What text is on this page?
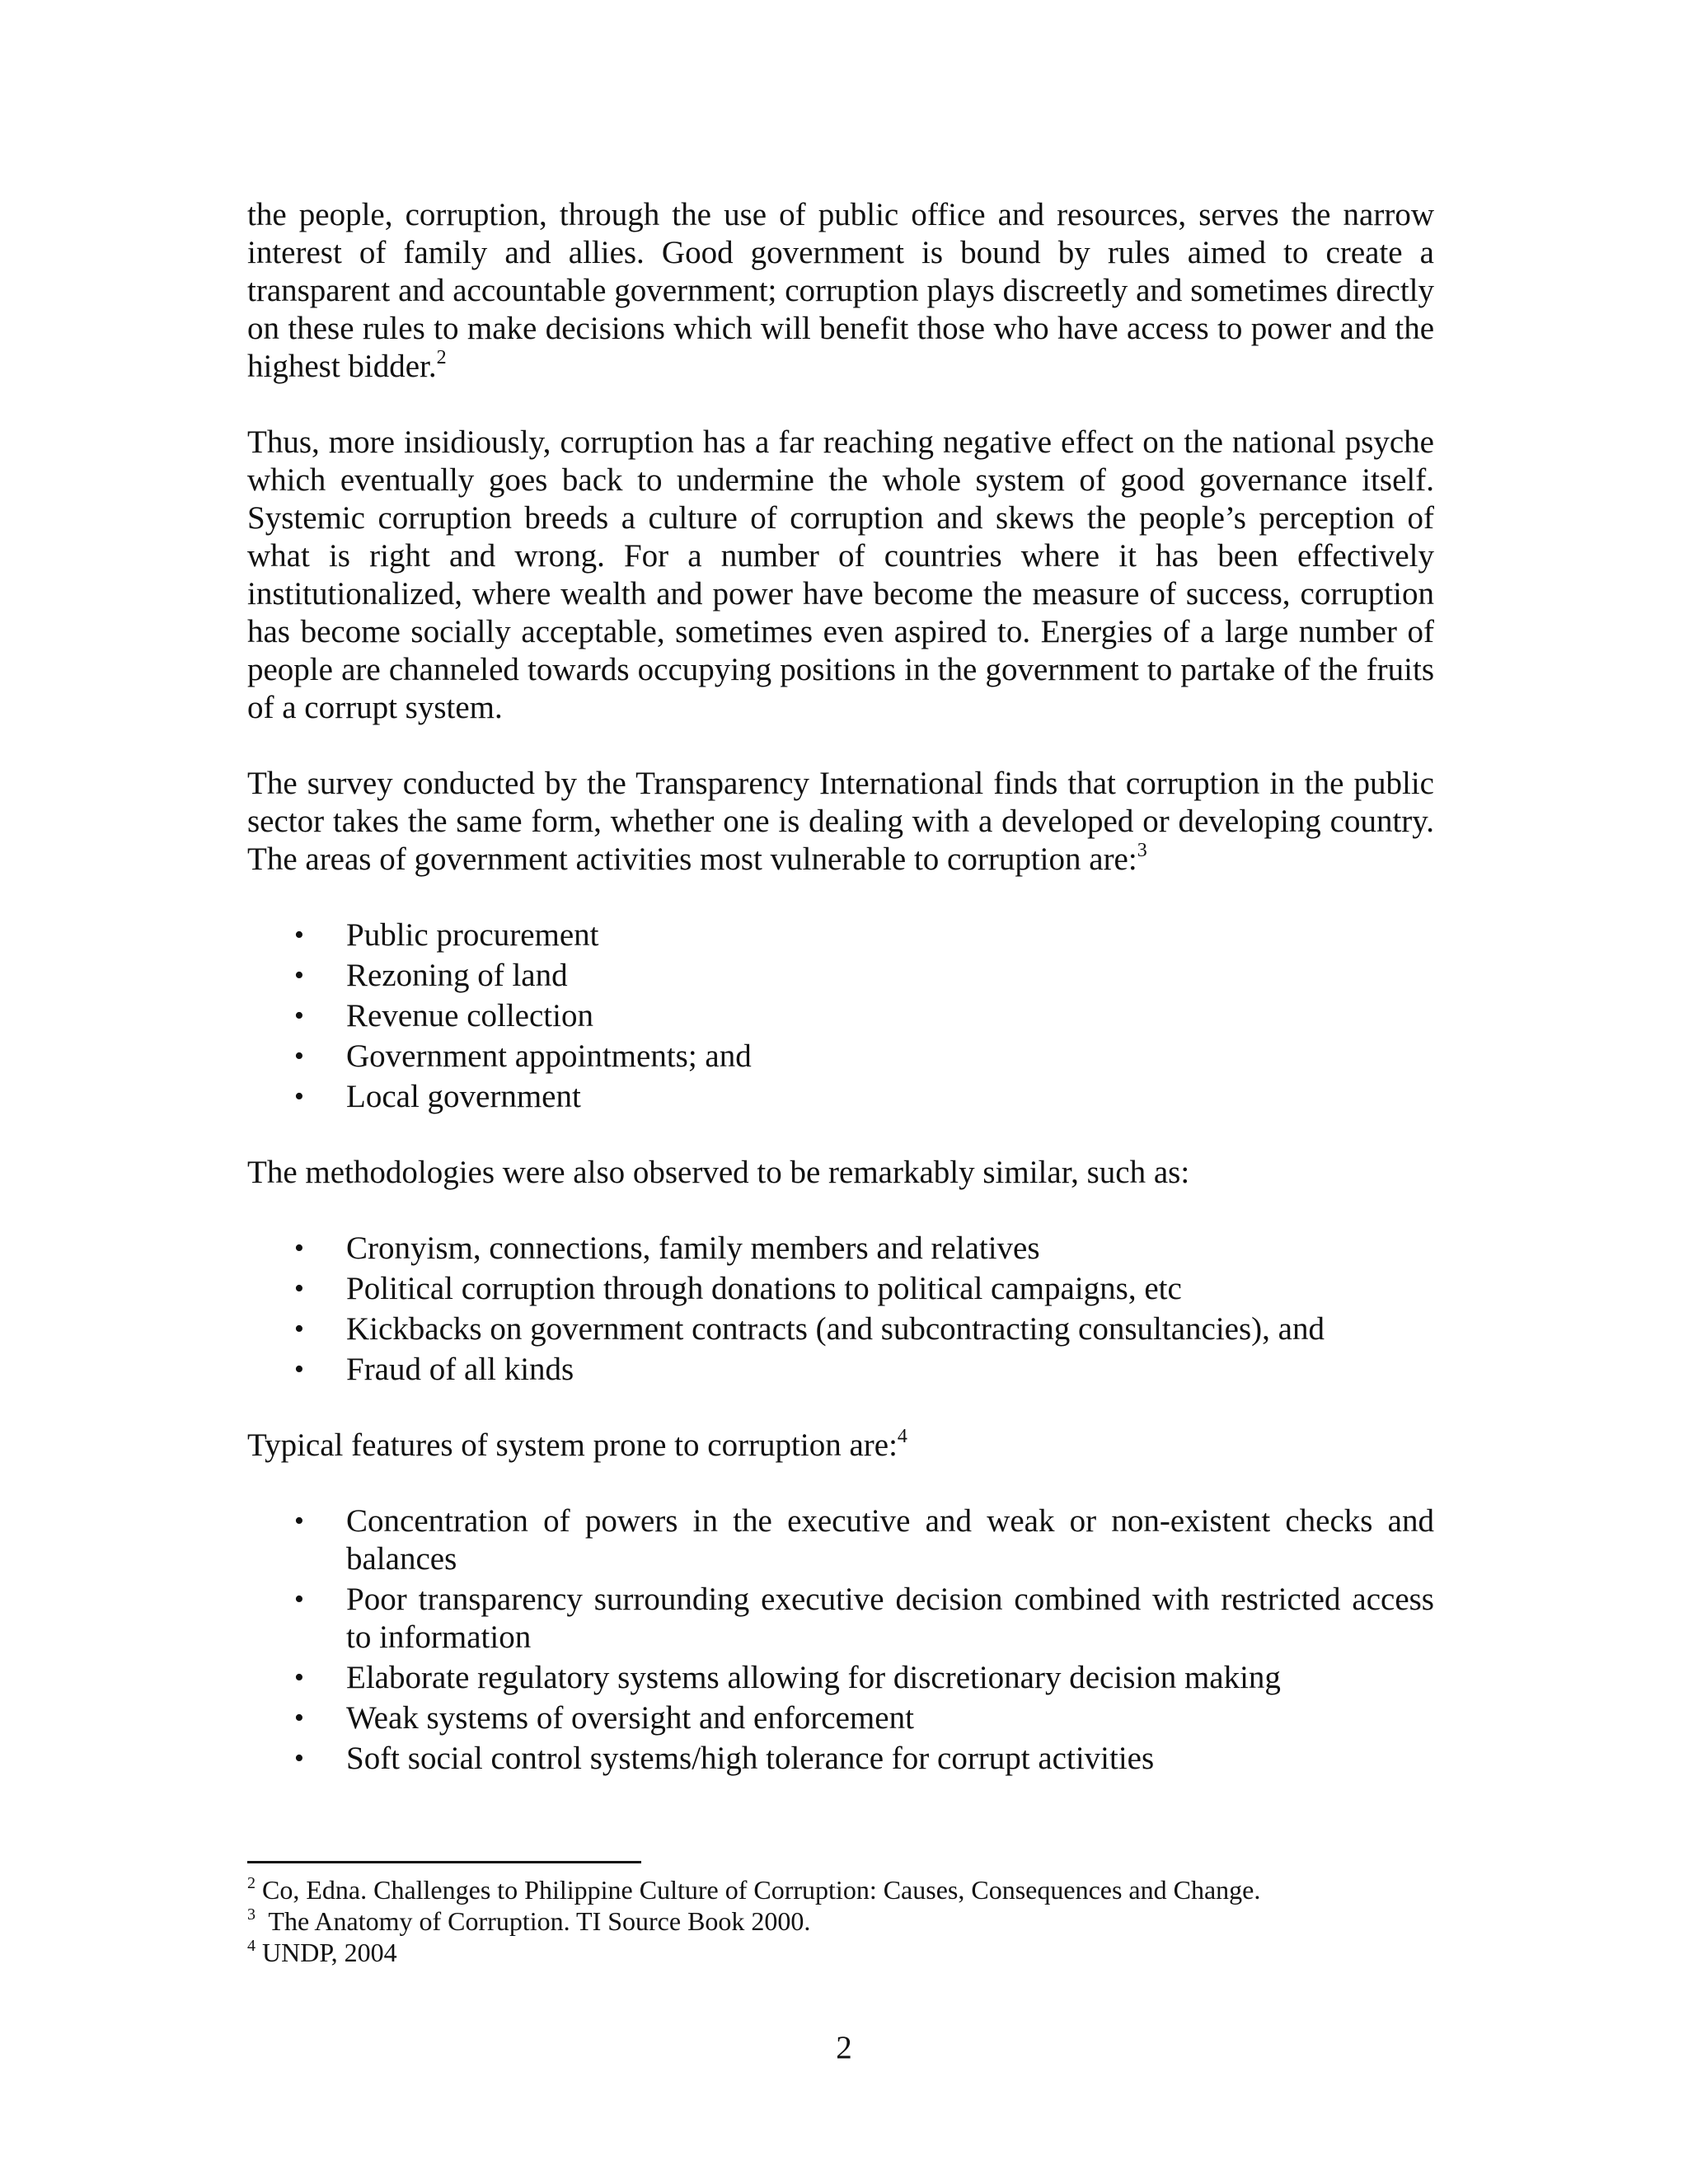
the people, corruption, through the use of public office and resources, serves the narrow interest of family and allies. Good government is bound by rules aimed to create a transparent and accountable government; corruption plays discreetly and sometimes directly on these rules to make decisions which will benefit those who have access to power and the highest bidder.$^2$

Thus, more insidiously, corruption has a far reaching negative effect on the national psyche which eventually goes back to undermine the whole system of good governance itself. Systemic corruption breeds a culture of corruption and skews the people’s perception of what is right and wrong. For a number of countries where it has been effectively institutionalized, where wealth and power have become the measure of success, corruption has become socially acceptable, sometimes even aspired to. Energies of a large number of people are channeled towards occupying positions in the government to partake of the fruits of a corrupt system.

The survey conducted by the Transparency International finds that corruption in the public sector takes the same form, whether one is dealing with a developed or developing country. The areas of government activities most vulnerable to corruption are:$^3$

• Public procurement
• Rezoning of land
• Revenue collection
• Government appointments; and
• Local government

The methodologies were also observed to be remarkably similar, such as:

• Cronyism, connections, family members and relatives
• Political corruption through donations to political campaigns, etc
• Kickbacks on government contracts (and subcontracting consultancies), and
• Fraud of all kinds

Typical features of system prone to corruption are:$^4$

• Concentration of powers in the executive and weak or non-existent checks and balances
• Poor transparency surrounding executive decision combined with restricted access to information
• Elaborate regulatory systems allowing for discretionary decision making
• Weak systems of oversight and enforcement
• Soft social control systems/high tolerance for corrupt activities

$^2$ Co, Edna. Challenges to Philippine Culture of Corruption: Causes, Consequences and Change.

$^3$  The Anatomy of Corruption. TI Source Book 2000.

$^4$ UNDP, 2004

2
